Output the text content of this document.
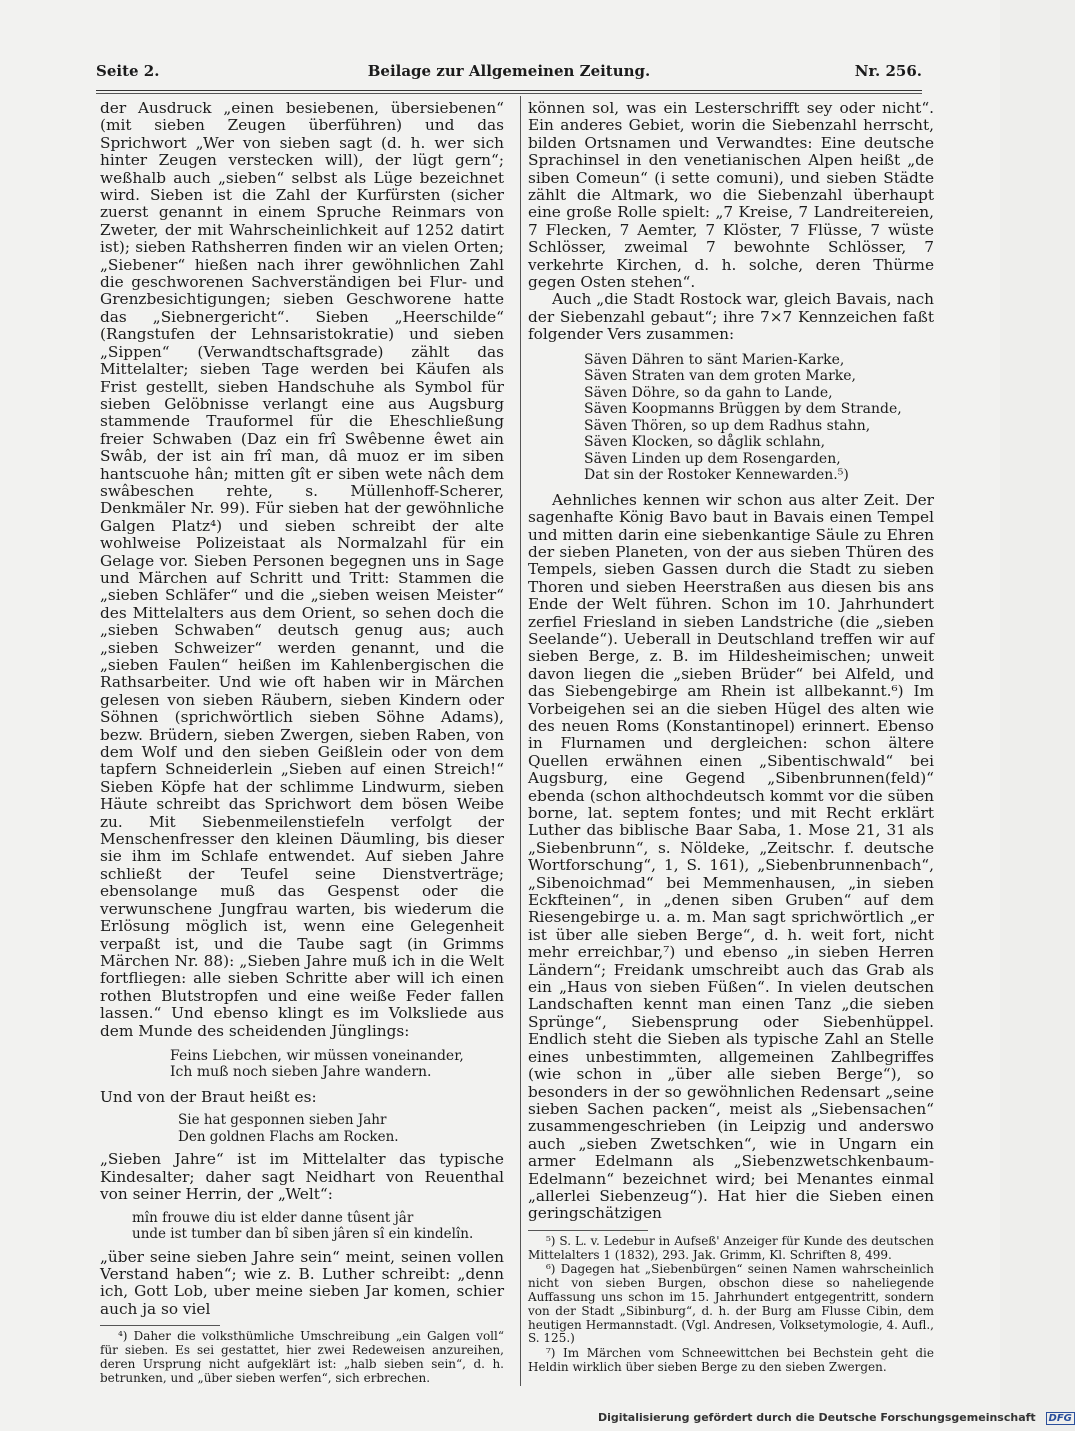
Seite 2.	Beilage zur Allgemeinen Zeitung.	Nr. 256.

der Ausdruck „einen besiebenen, übersiebenen“ (mit sieben Zeugen überführen) und das Sprichwort „Wer von sieben sagt (d. h. wer sich hinter Zeugen verstecken will), der lügt gern“; weßhalb auch „sieben“ selbst als Lüge bezeichnet wird. Sieben ist die Zahl der Kurfürsten (sicher zuerst genannt in einem Spruche Reinmars von Zweter, der mit Wahrscheinlichkeit auf 1252 datirt ist); sieben Rathsherren finden wir an vielen Orten; „Siebener“ hießen nach ihrer gewöhnlichen Zahl die geschworenen Sachverständigen bei Flur- und Grenzbesichtigungen; sieben Geschworene hatte das „Siebnergericht“. Sieben „Heerschilde“ (Rangstufen der Lehnsaristokratie) und sieben „Sippen“ (Verwandtschaftsgrade) zählt das Mittelalter; sieben Tage werden bei Käufen als Frist gestellt, sieben Handschuhe als Symbol für sieben Gelöbnisse verlangt eine aus Augsburg stammende Trauformel für die Eheschließung freier Schwaben (Daz ein frî Swêbenne êwet ain Swâb, der ist ain frî man, dâ muoz er im siben hantscuohe hân; mitten gît er siben wete nâch dem swâbeschen rehte, s. Müllenhoff-Scherer, Denkmäler Nr. 99). Für sieben hat der gewöhnliche Galgen Platz⁴) und sieben schreibt der alte wohlweise Polizeistaat als Normalzahl für ein Gelage vor. Sieben Personen begegnen uns in Sage und Märchen auf Schritt und Tritt: Stammen die „sieben Schläfer“ und die „sieben weisen Meister“ des Mittelalters aus dem Orient, so sehen doch die „sieben Schwaben“ deutsch genug aus; auch „sieben Schweizer“ werden genannt, und die „sieben Faulen“ heißen im Kahlenbergischen die Rathsarbeiter. Und wie oft haben wir in Märchen gelesen von sieben Räubern, sieben Kindern oder Söhnen (sprichwörtlich sieben Söhne Adams), bezw. Brüdern, sieben Zwergen, sieben Raben, von dem Wolf und den sieben Geißlein oder von dem tapfern Schneiderlein „Sieben auf einen Streich!“ Sieben Köpfe hat der schlimme Lindwurm, sieben Häute schreibt das Sprichwort dem bösen Weibe zu. Mit Siebenmeilenstiefeln verfolgt der Menschenfresser den kleinen Däumling, bis dieser sie ihm im Schlafe entwendet. Auf sieben Jahre schließt der Teufel seine Dienstverträge; ebensolange muß das Gespenst oder die verwunschene Jungfrau warten, bis wiederum die Erlösung möglich ist, wenn eine Gelegenheit verpaßt ist, und die Taube sagt (in Grimms Märchen Nr. 88): „Sieben Jahre muß ich in die Welt fortfliegen: alle sieben Schritte aber will ich einen rothen Blutstropfen und eine weiße Feder fallen lassen.“ Und ebenso klingt es im Volksliede aus dem Munde des scheidenden Jünglings:

Feins Liebchen, wir müssen voneinander,
Ich muß noch sieben Jahre wandern.

Und von der Braut heißt es:

Sie hat gesponnen sieben Jahr
Den goldnen Flachs am Rocken.

„Sieben Jahre“ ist im Mittelalter das typische Kindesalter; daher sagt Neidhart von Reuenthal von seiner Herrin, der „Welt“:

mîn frouwe diu ist elder danne tûsent jâr
unde ist tumber dan bî siben jâren sî ein kindelîn.

„über seine sieben Jahre sein“ meint, seinen vollen Verstand haben“; wie z. B. Luther schreibt: „denn ich, Gott Lob, uber meine sieben Jar komen, schier auch ja so viel

⁴) Daher die volksthümliche Umschreibung „ein Galgen voll“ für sieben. Es sei gestattet, hier zwei Redeweisen anzureihen, deren Ursprung nicht aufgeklärt ist: „halb sieben sein“, d. h. betrunken, und „über sieben werfen“, sich erbrechen.

können sol, was ein Lesterschrifft sey oder nicht“. Ein anderes Gebiet, worin die Siebenzahl herrscht, bilden Ortsnamen und Verwandtes: Eine deutsche Sprachinsel in den venetianischen Alpen heißt „de siben Comeun“ (i sette comuni), und sieben Städte zählt die Altmark, wo die Siebenzahl überhaupt eine große Rolle spielt: „7 Kreise, 7 Landreitereien, 7 Flecken, 7 Aemter, 7 Klöster, 7 Flüsse, 7 wüste Schlösser, zweimal 7 bewohnte Schlösser, 7 verkehrte Kirchen, d. h. solche, deren Thürme gegen Osten stehen“.

Auch „die Stadt Rostock war, gleich Bavais, nach der Siebenzahl gebaut“; ihre 7×7 Kennzeichen faßt folgender Vers zusammen:

Säven Dähren to sänt Marien-Karke,
Säven Straten van dem groten Marke,
Säven Döhre, so da gahn to Lande,
Säven Koopmanns Brüggen by dem Strande,
Säven Thören, so up dem Radhus stahn,
Säven Klocken, so dåglik schlahn,
Säven Linden up dem Rosengarden,
Dat sin der Rostoker Kennewarden.⁵)

Aehnliches kennen wir schon aus alter Zeit. Der sagenhafte König Bavo baut in Bavais einen Tempel und mitten darin eine siebenkantige Säule zu Ehren der sieben Planeten, von der aus sieben Thüren des Tempels, sieben Gassen durch die Stadt zu sieben Thoren und sieben Heerstraßen aus diesen bis ans Ende der Welt führen. Schon im 10. Jahrhundert zerfiel Friesland in sieben Landstriche (die „sieben Seelande“). Ueberall in Deutschland treffen wir auf sieben Berge, z. B. im Hildesheimischen; unweit davon liegen die „sieben Brüder“ bei Alfeld, und das Siebengebirge am Rhein ist allbekannt.⁶) Im Vorbeigehen sei an die sieben Hügel des alten wie des neuen Roms (Konstantinopel) erinnert. Ebenso in Flurnamen und dergleichen: schon ältere Quellen erwähnen einen „Sibentischwald“ bei Augsburg, eine Gegend „Sibenbrunnen(feld)“ ebenda (schon althochdeutsch kommt vor die süben borne, lat. septem fontes; und mit Recht erklärt Luther das biblische Baar Saba, 1. Mose 21, 31 als „Siebenbrunn“, s. Nöldeke, „Zeitschr. f. deutsche Wortforschung“, 1, S. 161), „Siebenbrunnenbach“, „Sibenoichmad“ bei Memmenhausen, „in sieben Eckfteinen“, in „denen siben Gruben“ auf dem Riesengebirge u. a. m. Man sagt sprichwörtlich „er ist über alle sieben Berge“, d. h. weit fort, nicht mehr erreichbar,⁷) und ebenso „in sieben Herren Ländern“; Freidank umschreibt auch das Grab als ein „Haus von sieben Füßen“. In vielen deutschen Landschaften kennt man einen Tanz „die sieben Sprünge“, Siebensprung oder Siebenhüppel. Endlich steht die Sieben als typische Zahl an Stelle eines unbestimmten, allgemeinen Zahlbegriffes (wie schon in „über alle sieben Berge“), so besonders in der so gewöhnlichen Redensart „seine sieben Sachen packen“, meist als „Siebensachen“ zusammengeschrieben (in Leipzig und anderswo auch „sieben Zwetschken“, wie in Ungarn ein armer Edelmann als „Siebenzwetschkenbaum-Edelmann“ bezeichnet wird; bei Menantes einmal „allerlei Siebenzeug“). Hat hier die Sieben einen geringschätzigen

⁵) S. L. v. Ledebur in Aufseß' Anzeiger für Kunde des deutschen Mittelalters 1 (1832), 293. Jak. Grimm, Kl. Schriften 8, 499.

⁶) Dagegen hat „Siebenbürgen“ seinen Namen wahrscheinlich nicht von sieben Burgen, obschon diese so naheliegende Auffassung uns schon im 15. Jahrhundert entgegentritt, sondern von der Stadt „Sibinburg“, d. h. der Burg am Flusse Cibin, dem heutigen Hermannstadt. (Vgl. Andresen, Volksetymologie, 4. Aufl., S. 125.)

⁷) Im Märchen vom Schneewittchen bei Bechstein geht die Heldin wirklich über sieben Berge zu den sieben Zwergen.

Digitalisierung gefördert durch die Deutsche Forschungsgemeinschaft DFG
